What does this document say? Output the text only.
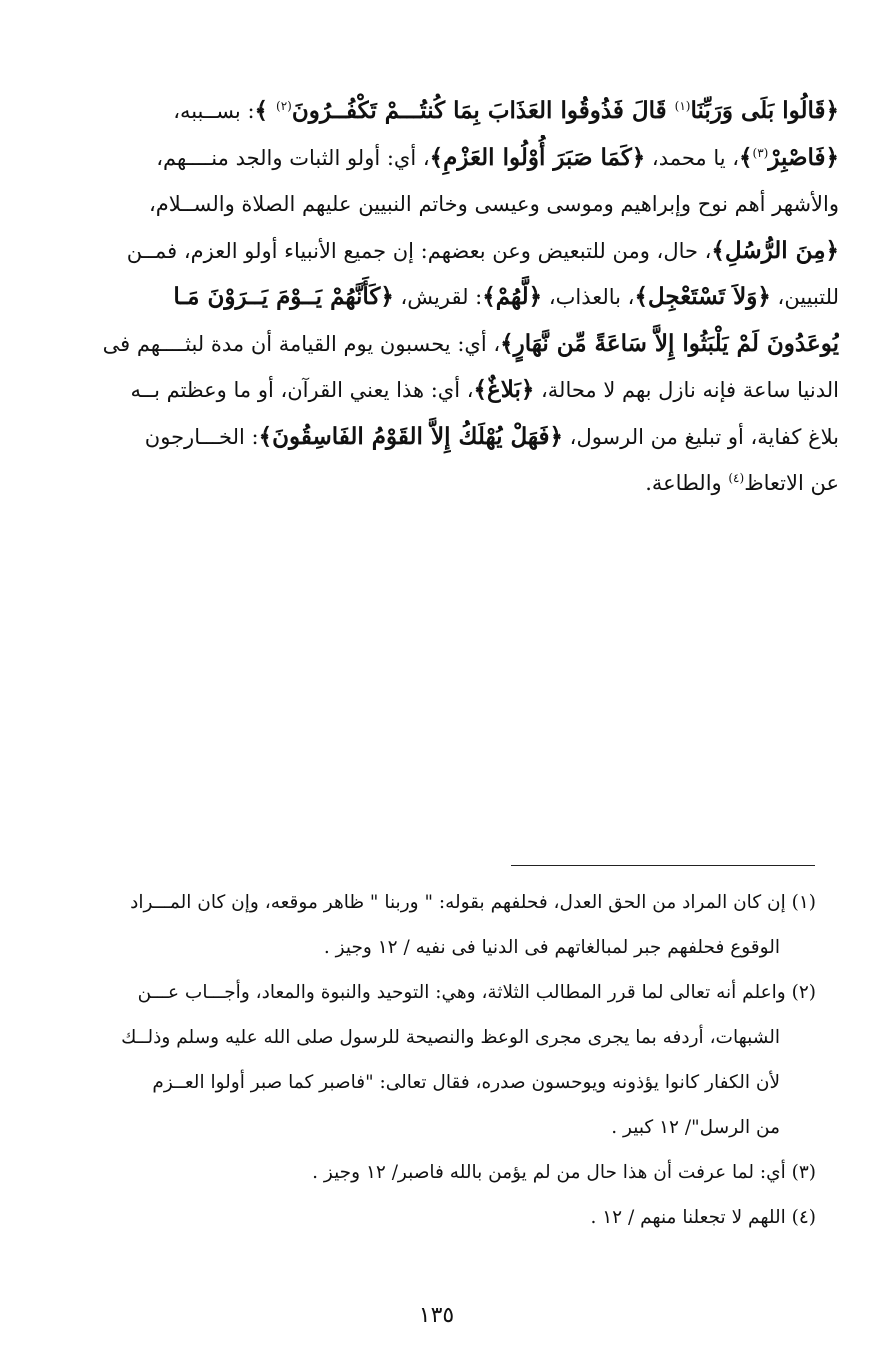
﴿قَالُوا بَلَى وَرَبِّنَا$^{(١)}$ قَالَ فَذُوقُوا العَذَابَ بِمَا كُنتُـــمْ تَكْفُــرُونَ$^{(٢)}$ ﴾: بســببه،
﴿فَاصْبِرْ$^{(٣)}$﴾، يا محمد، ﴿كَمَا صَبَرَ أُوْلُوا العَزْمِ﴾، أي: أولو الثبات والجد منــــهم،
والأشهر أهم نوح وإبراهيم وموسى وعيسى وخاتم النبيين عليهم الصلاة والســلام،
﴿مِنَ الرُّسُلِ﴾، حال، ومن للتبعيض وعن بعضهم: إن جميع الأنبياء أولو العزم، فمــن
للتبيين، ﴿وَلاَ تَسْتَعْجِل﴾، بالعذاب، ﴿لَّهُمْ﴾: لقريش، ﴿كَأَنَّهُمْ يَــوْمَ يَــرَوْنَ مَـا
يُوعَدُونَ لَمْ يَلْبَثُوا إِلاَّ سَاعَةً مِّن نَّهَارٍ﴾، أي: يحسبون يوم القيامة أن مدة لبثــــهم فى
الدنيا ساعة فإنه نازل بهم لا محالة، ﴿بَلاغٌ﴾، أي: هذا يعني القرآن، أو ما وعظتم بــه
بلاغ كفاية، أو تبليغ من الرسول، ﴿فَهَلْ يُهْلَكُ إِلاَّ القَوْمُ الفَاسِقُونَ﴾: الخـــارجون
عن الاتعاظ$^{(٤)}$ والطاعة.
(١) إن كان المراد من الحق العدل، فحلفهم بقوله: " وربنا " ظاهر موقعه، وإن كان المـــراد
الوقوع فحلفهم جبر لمبالغاتهم فى الدنيا فى نفيه / ١٢ وجيز .
(٢) واعلم أنه تعالى لما قرر المطالب الثلاثة، وهي: التوحيد والنبوة والمعاد، وأجـــاب عـــن
الشبهات، أردفه بما يجرى مجرى الوعظ والنصيحة للرسول صلى الله عليه وسلم وذلــك
لأن الكفار كانوا يؤذونه ويوحسون صدره، فقال تعالى: "فاصبر كما صبر أولوا العــزم
من الرسل"/ ١٢ كبير .
(٣) أي: لما عرفت أن هذا حال من لم يؤمن بالله فاصبر/ ١٢ وجيز .
(٤) اللهم لا تجعلنا منهم / ١٢ .
١٣٥
